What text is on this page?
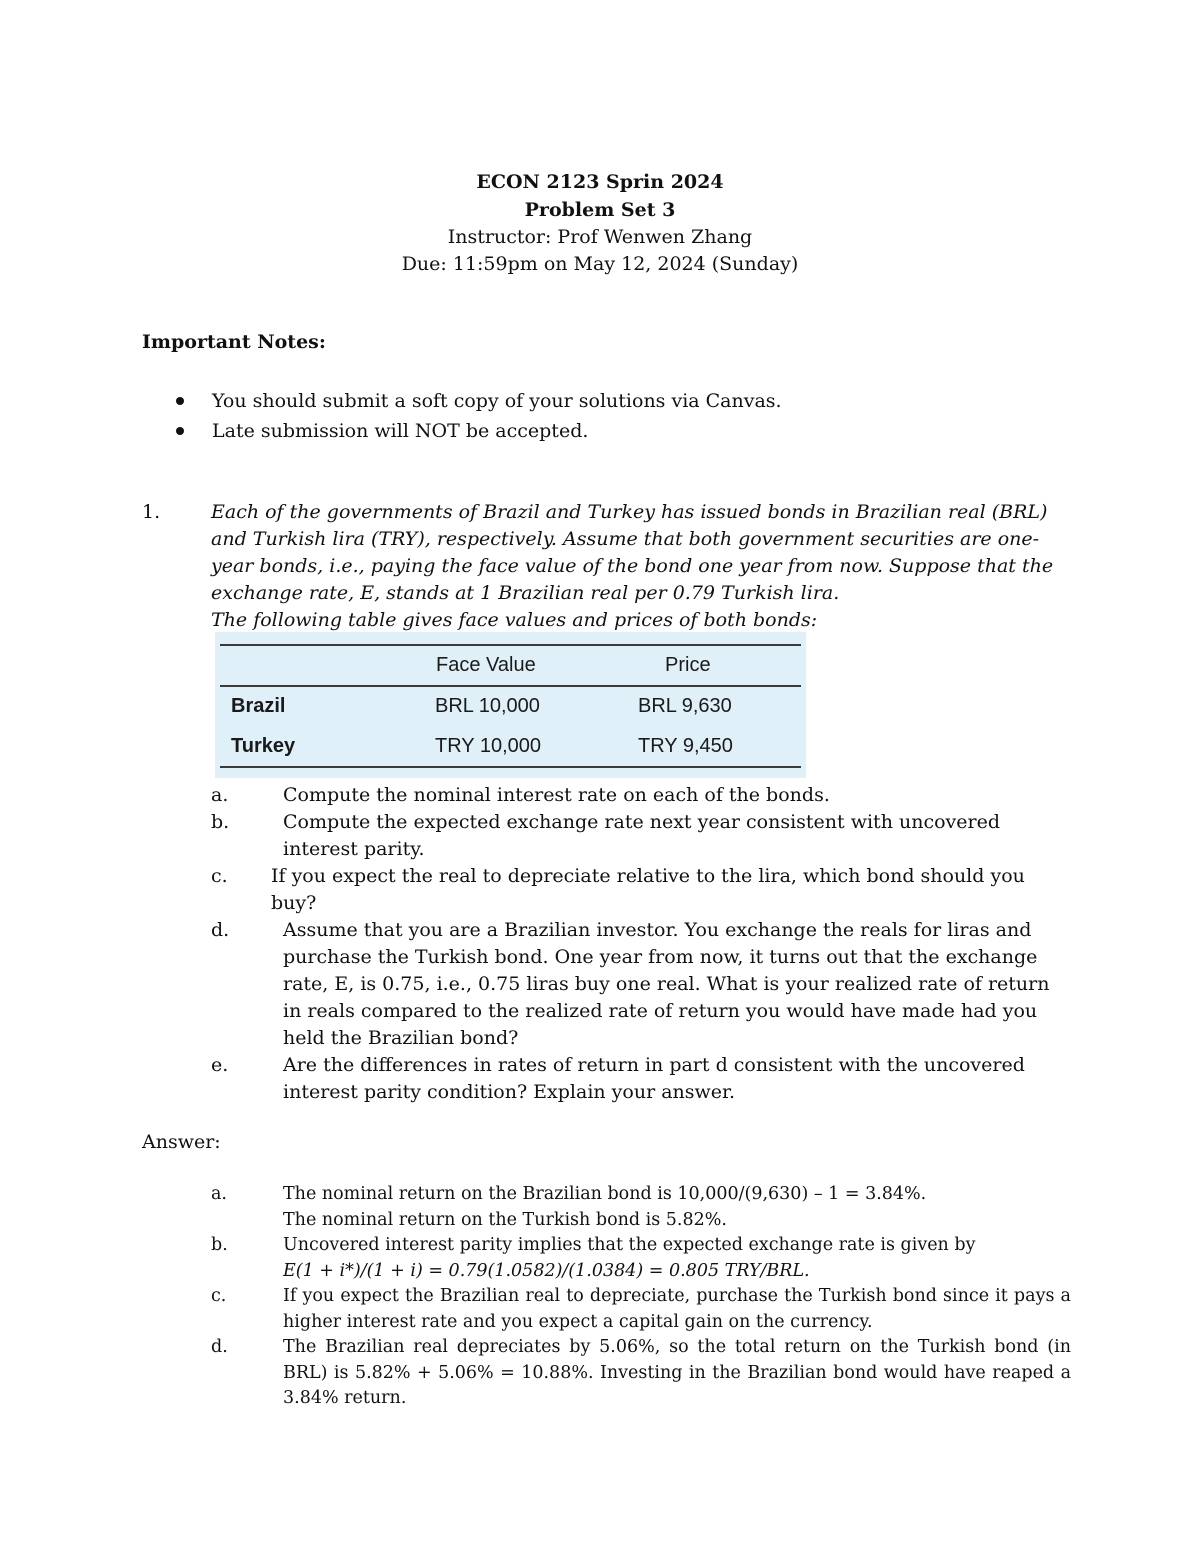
ECON 2123 Sprin 2024
Problem Set 3
Instructor: Prof Wenwen Zhang
Due: 11:59pm on May 12, 2024 (Sunday)
Important Notes:
You should submit a soft copy of your solutions via Canvas.
Late submission will NOT be accepted.
1.	Each of the governments of Brazil and Turkey has issued bonds in Brazilian real (BRL)

and Turkish lira (TRY), respectively. Assume that both government securities are one-

year bonds, i.e., paying the face value of the bond one year from now. Suppose that the

exchange rate, E, stands at 1 Brazilian real per 0.79 Turkish lira.

The following table gives face values and prices of both bonds:

Face Value	Price
Brazil	BRL 10,000	BRL 9,630
Turkey	TRY 10,000	TRY 9,450
a.	Compute the nominal interest rate on each of the bonds.
b.	Compute the expected exchange rate next year consistent with uncovered interest parity.
c. If you expect the real to depreciate relative to the lira, which bond should you buy?
d.	Assume that you are a Brazilian investor. You exchange the reals for liras and purchase the Turkish bond. One year from now, it turns out that the exchange rate, E, is 0.75, i.e., 0.75 liras buy one real. What is your realized rate of return in reals compared to the realized rate of return you would have made had you held the Brazilian bond?
e.	Are the differences in rates of return in part d consistent with the uncovered interest parity condition? Explain your answer.
Answer:
a.	The nominal return on the Brazilian bond is 10,000/(9,630) – 1 = 3.84%.

The nominal return on the Turkish bond is 5.82%.

b.	Uncovered interest parity implies that the expected exchange rate is given by

E(1 + i*)/(1 + i) = 0.79(1.0582)/(1.0384) = 0.805 TRY/BRL.

c.	If you expect the Brazilian real to depreciate, purchase the Turkish bond since it pays a higher interest rate and you expect a capital gain on the currency.

d.	The Brazilian real depreciates by 5.06%, so the total return on the Turkish bond (in BRL) is 5.82% + 5.06% = 10.88%. Investing in the Brazilian bond would have reaped a 3.84% return.
